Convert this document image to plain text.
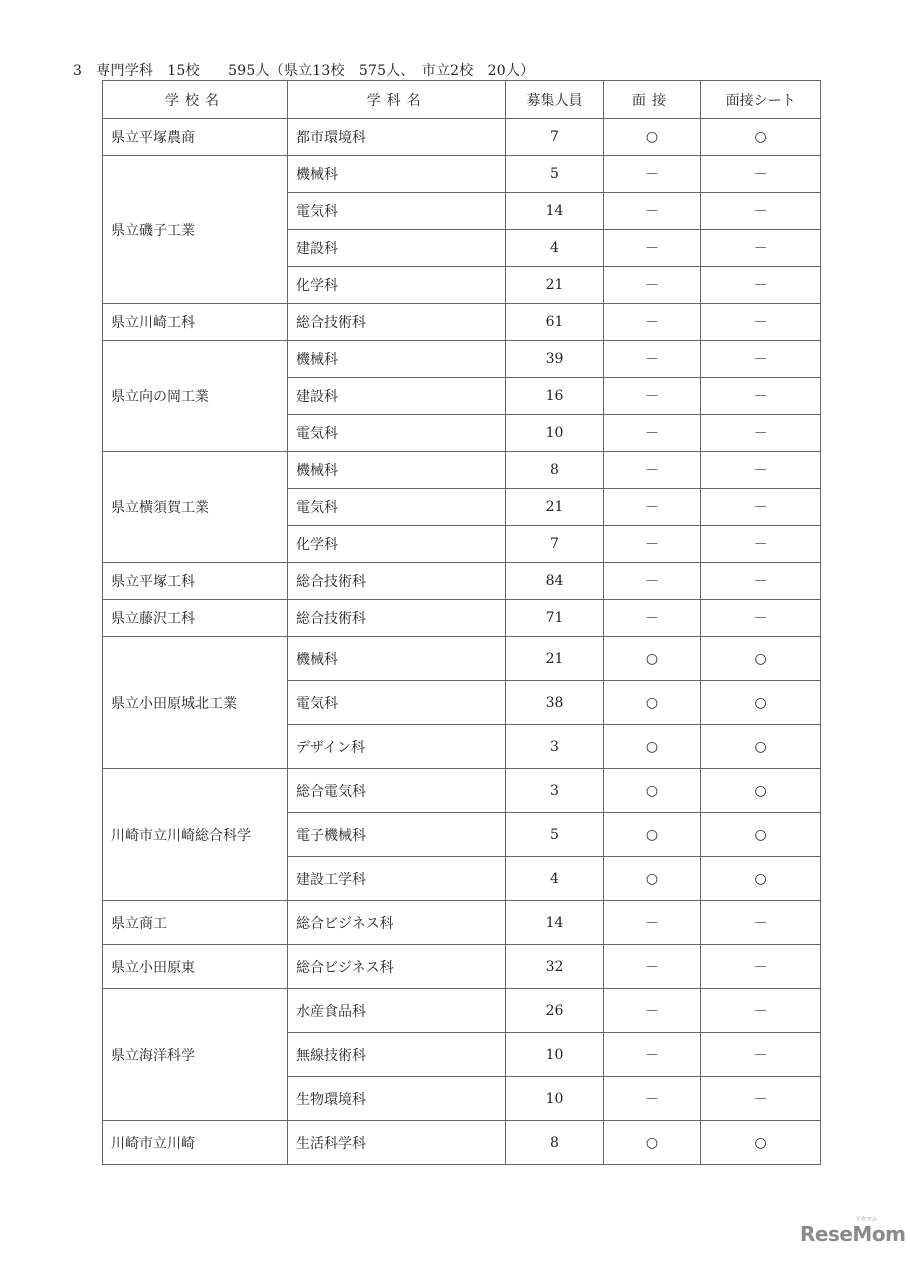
3　専門学科　15校　　595人（県立13校　575人、　市立2校　20人）
学校名	学科名	募集人員	面接	面接シート
県立平塚農商	都市環境科	7	○	○
県立磯子工業	機械科	5	－	－
	電気科	14	－	－
	建設科	4	－	－
	化学科	21	－	－
県立川崎工科	総合技術科	61	－	－
県立向の岡工業	機械科	39	－	－
	建設科	16	－	－
	電気科	10	－	－
県立横須賀工業	機械科	8	－	－
	電気科	21	－	－
	化学科	7	－	－
県立平塚工科	総合技術科	84	－	－
県立藤沢工科	総合技術科	71	－	－
県立小田原城北工業	機械科	21	○	○
	電気科	38	○	○
	デザイン科	3	○	○
川崎市立川崎総合科学	総合電気科	3	○	○
	電子機械科	5	○	○
	建設工学科	4	○	○
県立商工	総合ビジネス科	14	－	－
県立小田原東	総合ビジネス科	32	－	－
県立海洋科学	水産食品科	26	－	－
	無線技術科	10	－	－
	生物環境科	10	－	－
川崎市立川崎	生活科学科	8	○	○
ReseMom
リセマム
